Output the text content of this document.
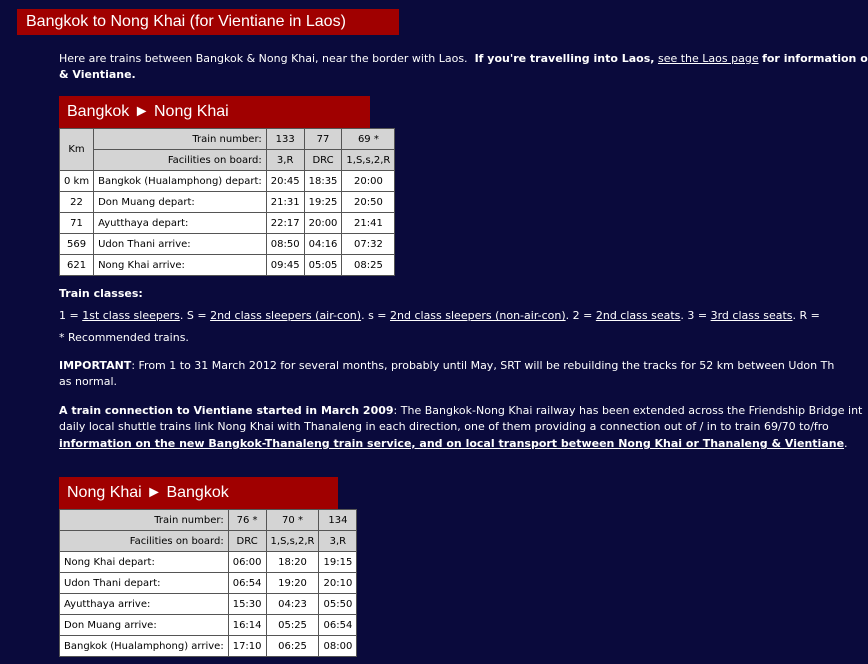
Bangkok to Nong Khai (for Vientiane in Laos)
Here are trains between Bangkok & Nong Khai, near the border with Laos. If you're travelling into Laos, see the Laos page for information o
& Vientiane.
Bangkok ► Nong Khai
Km	Train number:	133	77	69 *
	Facilities on board:	3,R	DRC	1,S,s,2,R
0 km	Bangkok (Hualamphong) depart:	20:45	18:35	20:00
22	Don Muang depart:	21:31	19:25	20:50
71	Ayutthaya depart:	22:17	20:00	21:41
569	Udon Thani arrive:	08:50	04:16	07:32
621	Nong Khai arrive:	09:45	05:05	08:25
Train classes:
1 = 1st class sleepers. S = 2nd class sleepers (air-con). s = 2nd class sleepers (non-air-con). 2 = 2nd class seats. 3 = 3rd class seats. R =
* Recommended trains.
IMPORTANT: From 1 to 31 March 2012 for several months, probably until May, SRT will be rebuilding the tracks for 52 km between Udon Th
as normal.
A train connection to Vientiane started in March 2009: The Bangkok-Nong Khai railway has been extended across the Friendship Bridge int
daily local shuttle trains link Nong Khai with Thanaleng in each direction, one of them providing a connection out of / in to train 69/70 to/fro
information on the new Bangkok-Thanaleng train service, and on local transport between Nong Khai or Thanaleng & Vientiane.
Nong Khai ► Bangkok
Train number:	76 *	70 *	134
Facilities on board:	DRC	1,S,s,2,R	3,R
Nong Khai depart:	06:00	18:20	19:15
Udon Thani depart:	06:54	19:20	20:10
Ayutthaya arrive:	15:30	04:23	05:50
Don Muang arrive:	16:14	05:25	06:54
Bangkok (Hualamphong) arrive:	17:10	06:25	08:00
